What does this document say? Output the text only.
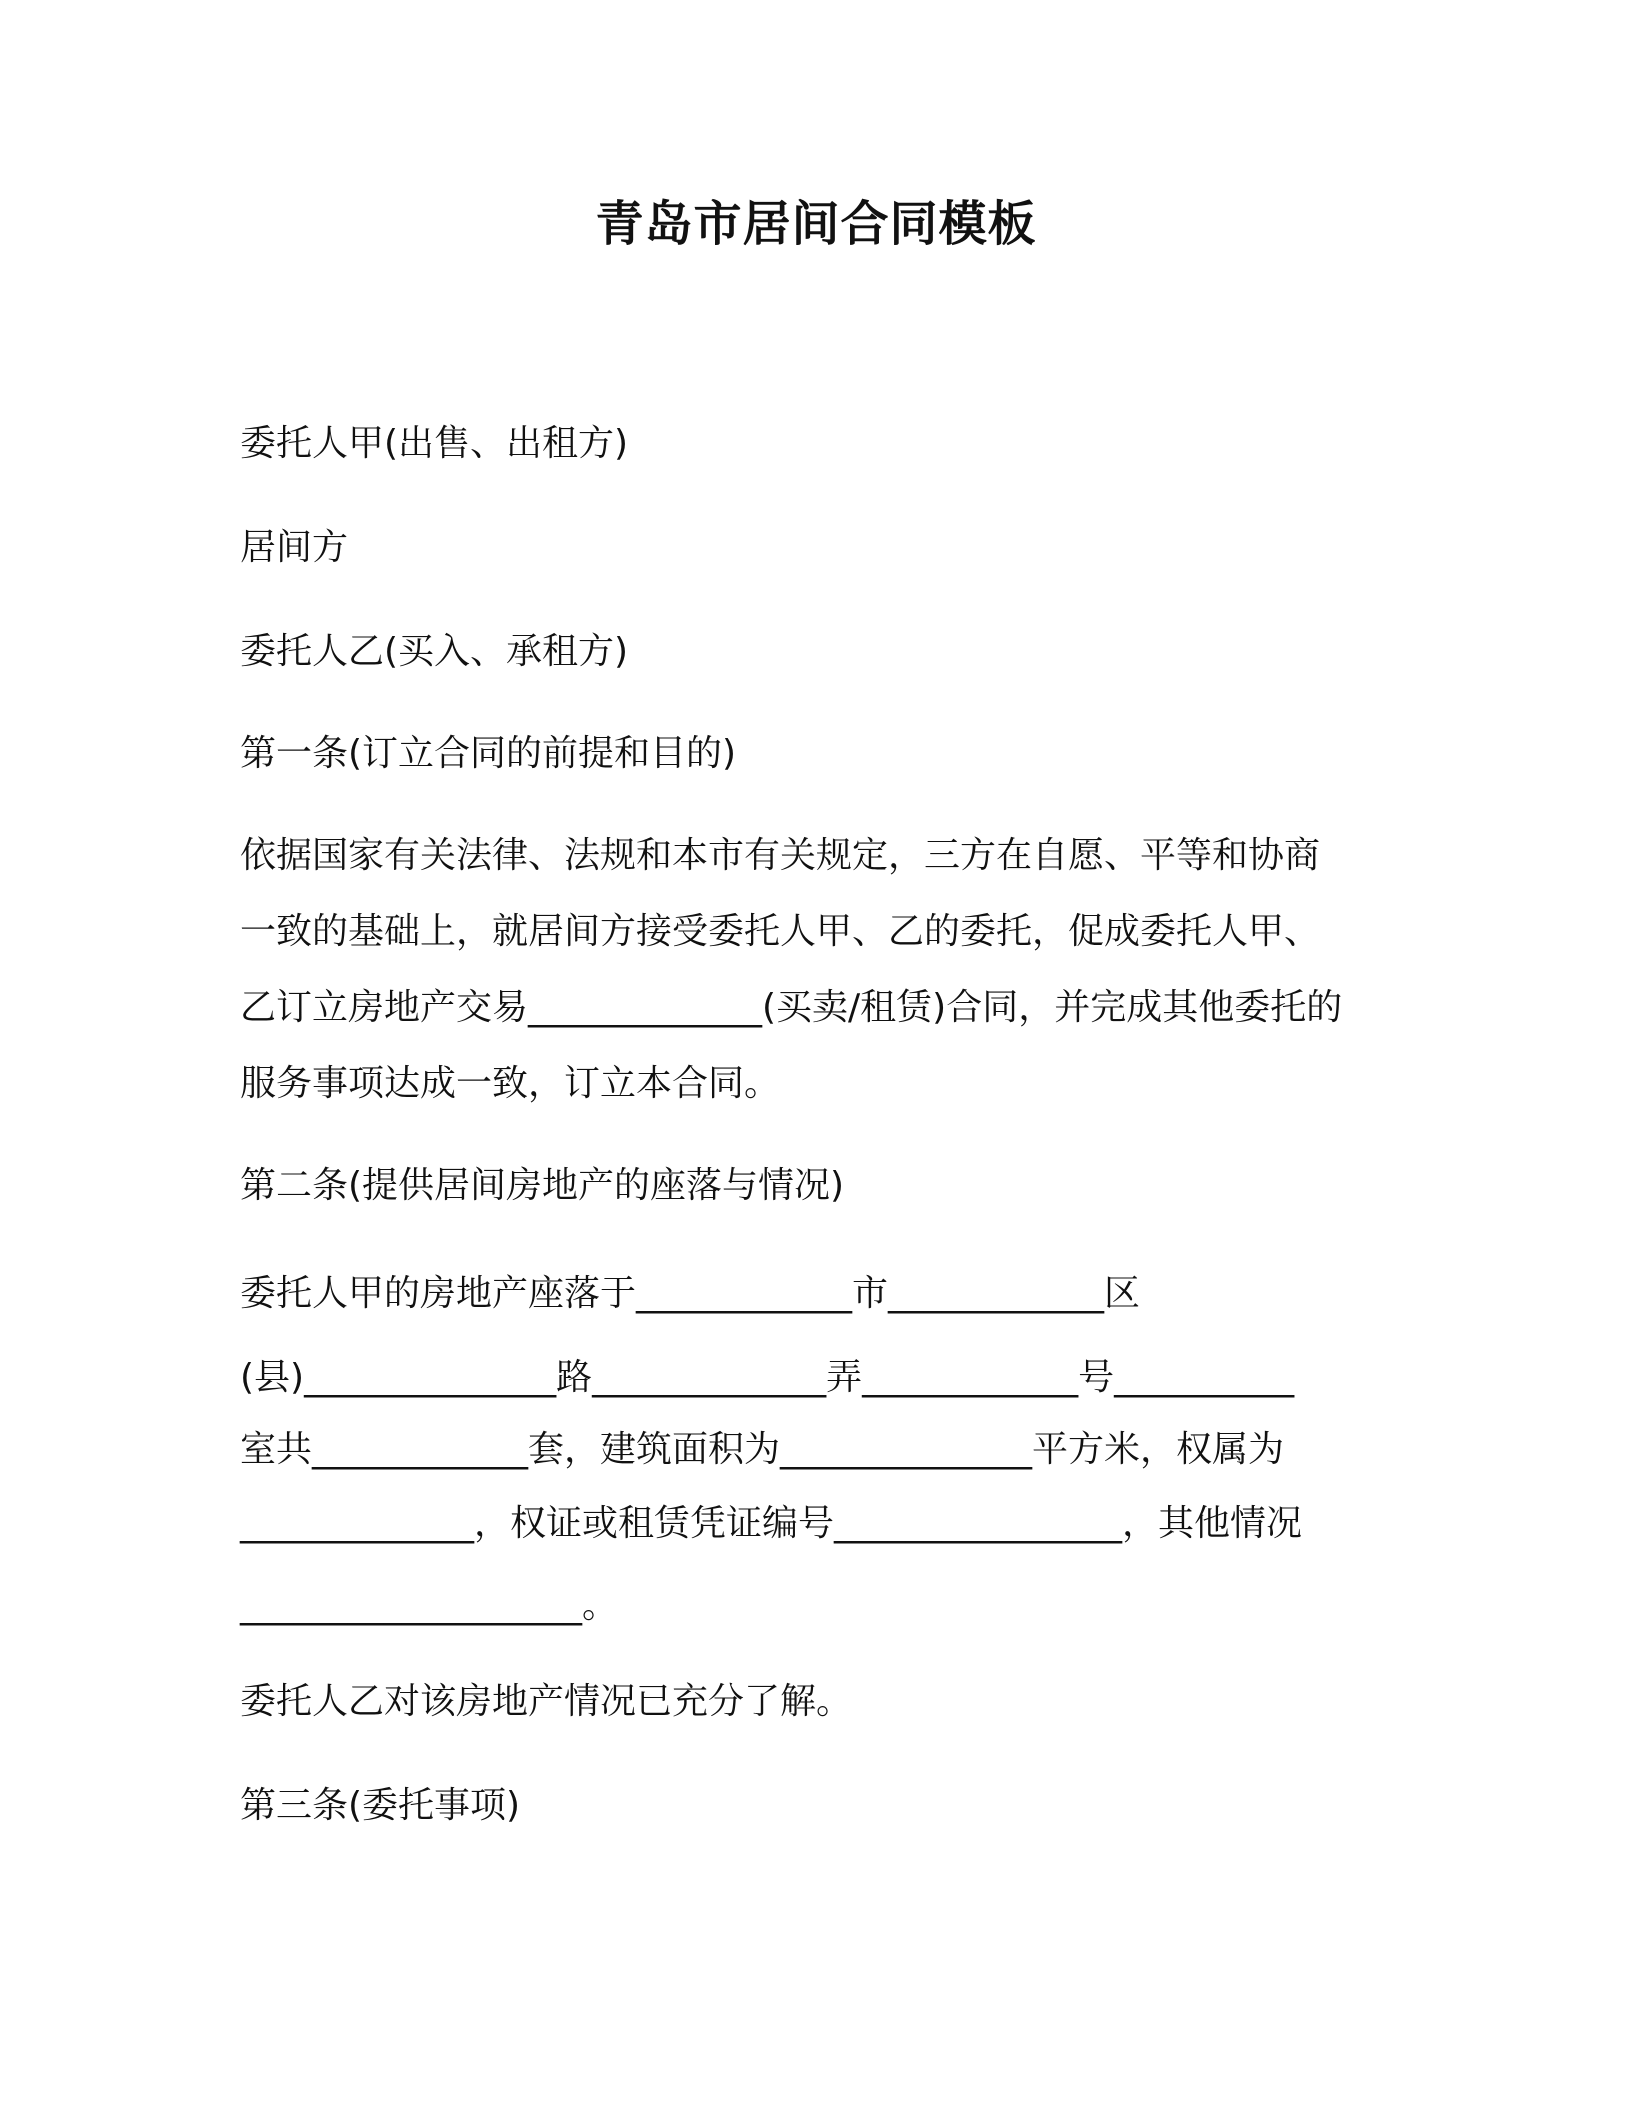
青岛市居间合同模板
委托人甲(出售、出租方)
居间方
委托人乙(买入、承租方)
第一条(订立合同的前提和目的)
依据国家有关法律、法规和本市有关规定，三方在自愿、平等和协商
一致的基础上，就居间方接受委托人甲、乙的委托，促成委托人甲、
乙订立房地产交易_____________(买卖/租赁)合同，并完成其他委托的
服务事项达成一致，订立本合同。
第二条(提供居间房地产的座落与情况)
委托人甲的房地产座落于____________市____________区
(县)______________路_____________弄____________号__________
室共____________套，建筑面积为______________平方米，权属为
_____________，权证或租赁凭证编号________________，其他情况
___________________。
委托人乙对该房地产情况已充分了解。
第三条(委托事项)
